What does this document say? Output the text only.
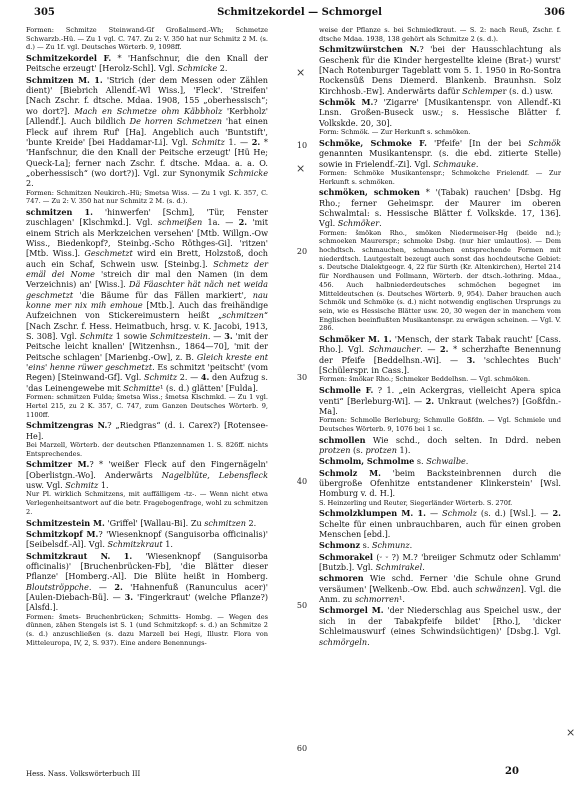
305	Schmitzekordel — Schmorgel	306

Formen: Schmitze Steinwand-Gf Großalmerd.-Wh; Schmetze Schwarzb.-Hü. — Zu 1 vgl. C. 747. Zu 2: V. 350 hat nur Schmitz 2 M. (s. d.) — Zu 1f. vgl. Deutsches Wörterb. 9, 1098ff.

Schmitzekordel F. * 'Hanfschnur, die den Knall der Peitsche erzeugt' [Herolz-Schl]. Vgl. Schmicke 2.

Schmitzen M. 1. 'Strich (der dem Messen oder Zählen dient)' [Biebrich Allendf.-Wl Wiss.], 'Fleck'. 'Streifen' [Nach Zschr. f. dtsche. Mdaa. 1908, 155 „oberhessisch“; wo dort?]. Mach en Schmetze ohm Käbbholz 'Kerbholz' [Allendf.]. Auch bildlich De horren Schmetzen 'hat einen Fleck auf ihrem Ruf' [Ha]. Angeblich auch 'Buntstift', 'bunte Kreide' [bei Haddamar-Li]. Vgl. Schmitz 1. — 2. * 'Hanfschnur, die den Knall der Peitsche erzeugt' [Hü He; Queck-La]; ferner nach Zschr. f. dtsche. Mdaa. a. a. O. „oberhessisch“ (wo dort?)]. Vgl. zur Synonymik Schmicke 2.

Formen: Schmitzen Neukirch.-Hü; Smetsa Wiss. — Zu 1 vgl. K. 357, C. 747. — Zu 2: V. 350 hat nur Schmitz 2 M. (s. d.).

schmitzen 1. 'hinwerfen' [Schm], 'Tür, Fenster zuschlagen' [Klschmkd.]. Vgl. schmeißen 1a. — 2. 'mit einem Strich als Merkzeichen versehen' [Mtb. Willgn.-Ow Wiss., Biedenkopf?, Steinbg.-Scho Röthges-Gi]. 'ritzen' [Mtb. Wiss.]. Geschmetzt wird ein Brett, Holzstoß, doch auch ein Schaf, Schwein usw. [Steinbg.]. Schmetz der emäl dei Nome 'streich dir mal den Namen (in dem Verzeichnis) an' [Wiss.]. Dä Fäaschter hät näch net weida geschmetzt 'die Bäume für das Fällen markiert', nau konne mer nix mih emhoue [Mtb.]. Auch das freihändige Aufzeichnen von Stickereimustern heißt „schmitzen“ [Nach Zschr. f. Hess. Heimatbuch, hrsg. v. K. Jacobi, 1913, S. 308]. Vgl. Schmitz 1 sowie Schmitzestein. — 3. 'mit der Peitsche leicht knallen' [Witzenhsn., 1864—70], 'mit der Peitsche schlagen' [Marienbg.-Ow], z. B. Gleich kreste ent 'eins' henne rüwer geschmetzt. Es schmitzt 'peitscht' (vom Regen) [Steinwand-Gf]. Vgl. Schmitz 2. — 4. den Aufzug s. 'das Leinengewebe mit Schmitte¹ (s. d.) glätten' [Fulda].

Formen: schmitzen Fulda; šmetsa Wiss.; šmetsa Klschmkd. — Zu 1 vgl. Hertel 215, zu 2 K. 357, C. 747, zum Ganzen Deutsches Wörterb. 9, 1100ff.

Schmitzengras N.? „Riedgras“ (d. i. Carex?) [Rotensee-He].

Bei Marzell, Wörterb. der deutschen Pflanzennamen 1. S. 826ff. nichts Entsprechendes.

Schmitzer M.? * 'weißer Fleck auf den Fingernägeln' [Oberlistgn.-Wo]. Anderwärts Nagelblüte, Lebensfleck usw. Vgl. Schmitz 1.

Nur Pl. wirklich Schmitzens, mit auffälligem -tz-. — Wenn nicht etwa Verlegenheitsantwort auf die betr. Fragebogenfrage, wohl zu schmitzen 2.

Schmitzestein M. 'Griffel' [Wallau-Bi]. Zu schmitzen 2.

Schmitzkopf M.? 'Wiesenknopf (Sanguisorba officinalis)' [Seibelsdf.-Al]. Vgl. Schmitzkraut 1.

Schmitzkraut N. 1. 'Wiesenknopf (Sanguisorba officinalis)' [Bruchenbrücken-Fb], 'die Blätter dieser Pflanze' [Homberg.-Al]. Die Blüte heißt in Homberg. Bloutströppche. — 2. 'Hahnenfuß (Ranunculus acer)' [Aulen-Diebach-Bü]. — 3. 'Fingerkraut' (welche Pflanze?) [Alsfd.].

Formen: šmets- Bruchenbrücken; Schmitts- Hombg. — Wegen des dünnen, zähen Stengels ist S. 1 (und Schmitzkopf: s. d.) an Schmitze 2 (s. d.) anzuschließen (s. dazu Marzell bei Hegi, Illustr. Flora von Mitteleuropa, IV, 2, S. 937). Eine andere Benennungs-

weise der Pflanze s. bei Schmiedkraut. — S. 2: nach Reuß, Zschr. f. dtsche Mdaa. 1938, 138 gehört als Schmitze 2 (s. d.).

Schmitzwürstchen N.? 'bei der Hausschlachtung als Geschenk für die Kinder hergestellte kleine (Brat-) wurst' [Nach Rotenburger Tageblatt vom 5. 1. 1950 in Ro-Sontra Rockensüß Dens Diemerd. Blankenb. Braunhsn. Solz Kirchhosb.-Ew]. Anderwärts dafür Schlemper (s. d.) usw.

Schmök M.? 'Zigarre' [Musikantenspr. von Allendf.-Ki Lnsn. Großen-Buseck usw.; s. Hessische Blätter f. Volkskde. 20, 30].

Form: Schmök. — Zur Herkunft s. schmöken.

Schmöke, Schmoke F. 'Pfeife' [In der bei Schmök genannten Musikantenspr. (s. die ebd. zitierte Stelle) sowie in Frielendf.-Zi]. Vgl. Schmauke.

Formen: Schmöke Musikantenspr.; Schmokche Frielendf. — Zur Herkunft s. schmöken.

schmöken, schmoken * '(Tabak) rauchen' [Dsbg. Hg Rho.; ferner Geheimspr. der Maurer im oberen Schwalmtal: s. Hessische Blätter f. Volkskde. 17, 136]. Vgl. Schmöker.

Formen: šmökən Rho., smöken Niedermeiser-Hg (beide nd.); schmoeken Maurerspr.; schmoke Dsbg. (nur hier umlautlos). — Dem hochdtsch. schmauchen, schmauchen entsprechende Formen mit niederdtsch. Lautgestalt bezeugt auch sonst das hochdeutsche Gebiet: s. Deutsche Dialektgeogr. 4, 22 für Sürth (Kr. Altenkirchen), Hertel 214 für Nordhausen und Follmann, Wörterb. der dtsch.-lothring. Mdaa., 456. Auch halbniederdeutsches schmöchen begegnet im Mitteldeutschen (s. Deutsches Wörterb. 9, 954). Daher brauchen auch Schmök und Schmöke (s. d.) nicht notwendig englischen Ursprungs zu sein, wie es Hessische Blätter usw. 20, 30 wegen der in manchem vom Englischen beeinflußten Musikantenspr. zu erwägen scheinen. — Vgl. V. 286.

Schmöker M. 1. 'Mensch, der stark Tabak raucht' [Cass. Rho.]. Vgl. Schmaucher. — 2. * scherzhafte Benennung der Pfeife [Beddelhsn.-Wi]. — 3. 'schlechtes Buch' [Schülerspr. in Cass.].

Formen: šmökər Rho.; Schmeker Beddelhsn. — Vgl. schmöken.

Schmolle F. ? 1. „ein Ackergras, vielleicht Apera spica venti“ [Berleburg-Wi]. — 2. Unkraut (welches?) [Goßfdn.-Ma].

Formen: Schmolle Berleburg; Schmulle Goßfdn. — Vgl. Schmiele und Deutsches Wörterb. 9, 1076 bei 1 sc.

schmollen Wie schd., doch selten. In Ddrd. neben protzen (s. protzen 1).

Schmolm, Schmolme s. Schwalbe.

Schmolz M. 'beim Backsteinbrennen durch die übergroße Ofenhitze entstandener Klinkerstein' [Wsl. Homburg v. d. H.].

S. Heinzerling und Reuter, Siegerländer Wörterb. S. 270f.

Schmolzklumpen M. 1. — Schmolz (s. d.) [Wsl.]. — 2. Schelte für einen unbrauchbaren, auch für einen groben Menschen [ebd.].

Schmonz s. Schmunz.

Schmorakel (⏑ ⏑ ?) M.? 'breiiger Schmutz oder Schlamm' [Butzb.]. Vgl. Schmirakel.

schmoren Wie schd. Ferner 'die Schule ohne Grund versäumen' [Welkenb.-Ow. Ebd. auch schwänzen]. Vgl. die Anm. zu schmorren¹.

Schmorgel M. 'der Niederschlag aus Speichel usw., der sich in der Tabakpfeife bildet' [Rho.], 'dicker Schleimauswurf (eines Schwindsüchtigen)' [Dsbg.]. Vgl. schmörgeln.

10
20
30
40
50
60
×
×
×
Hess. Nass. Volkswörterbuch III	20
